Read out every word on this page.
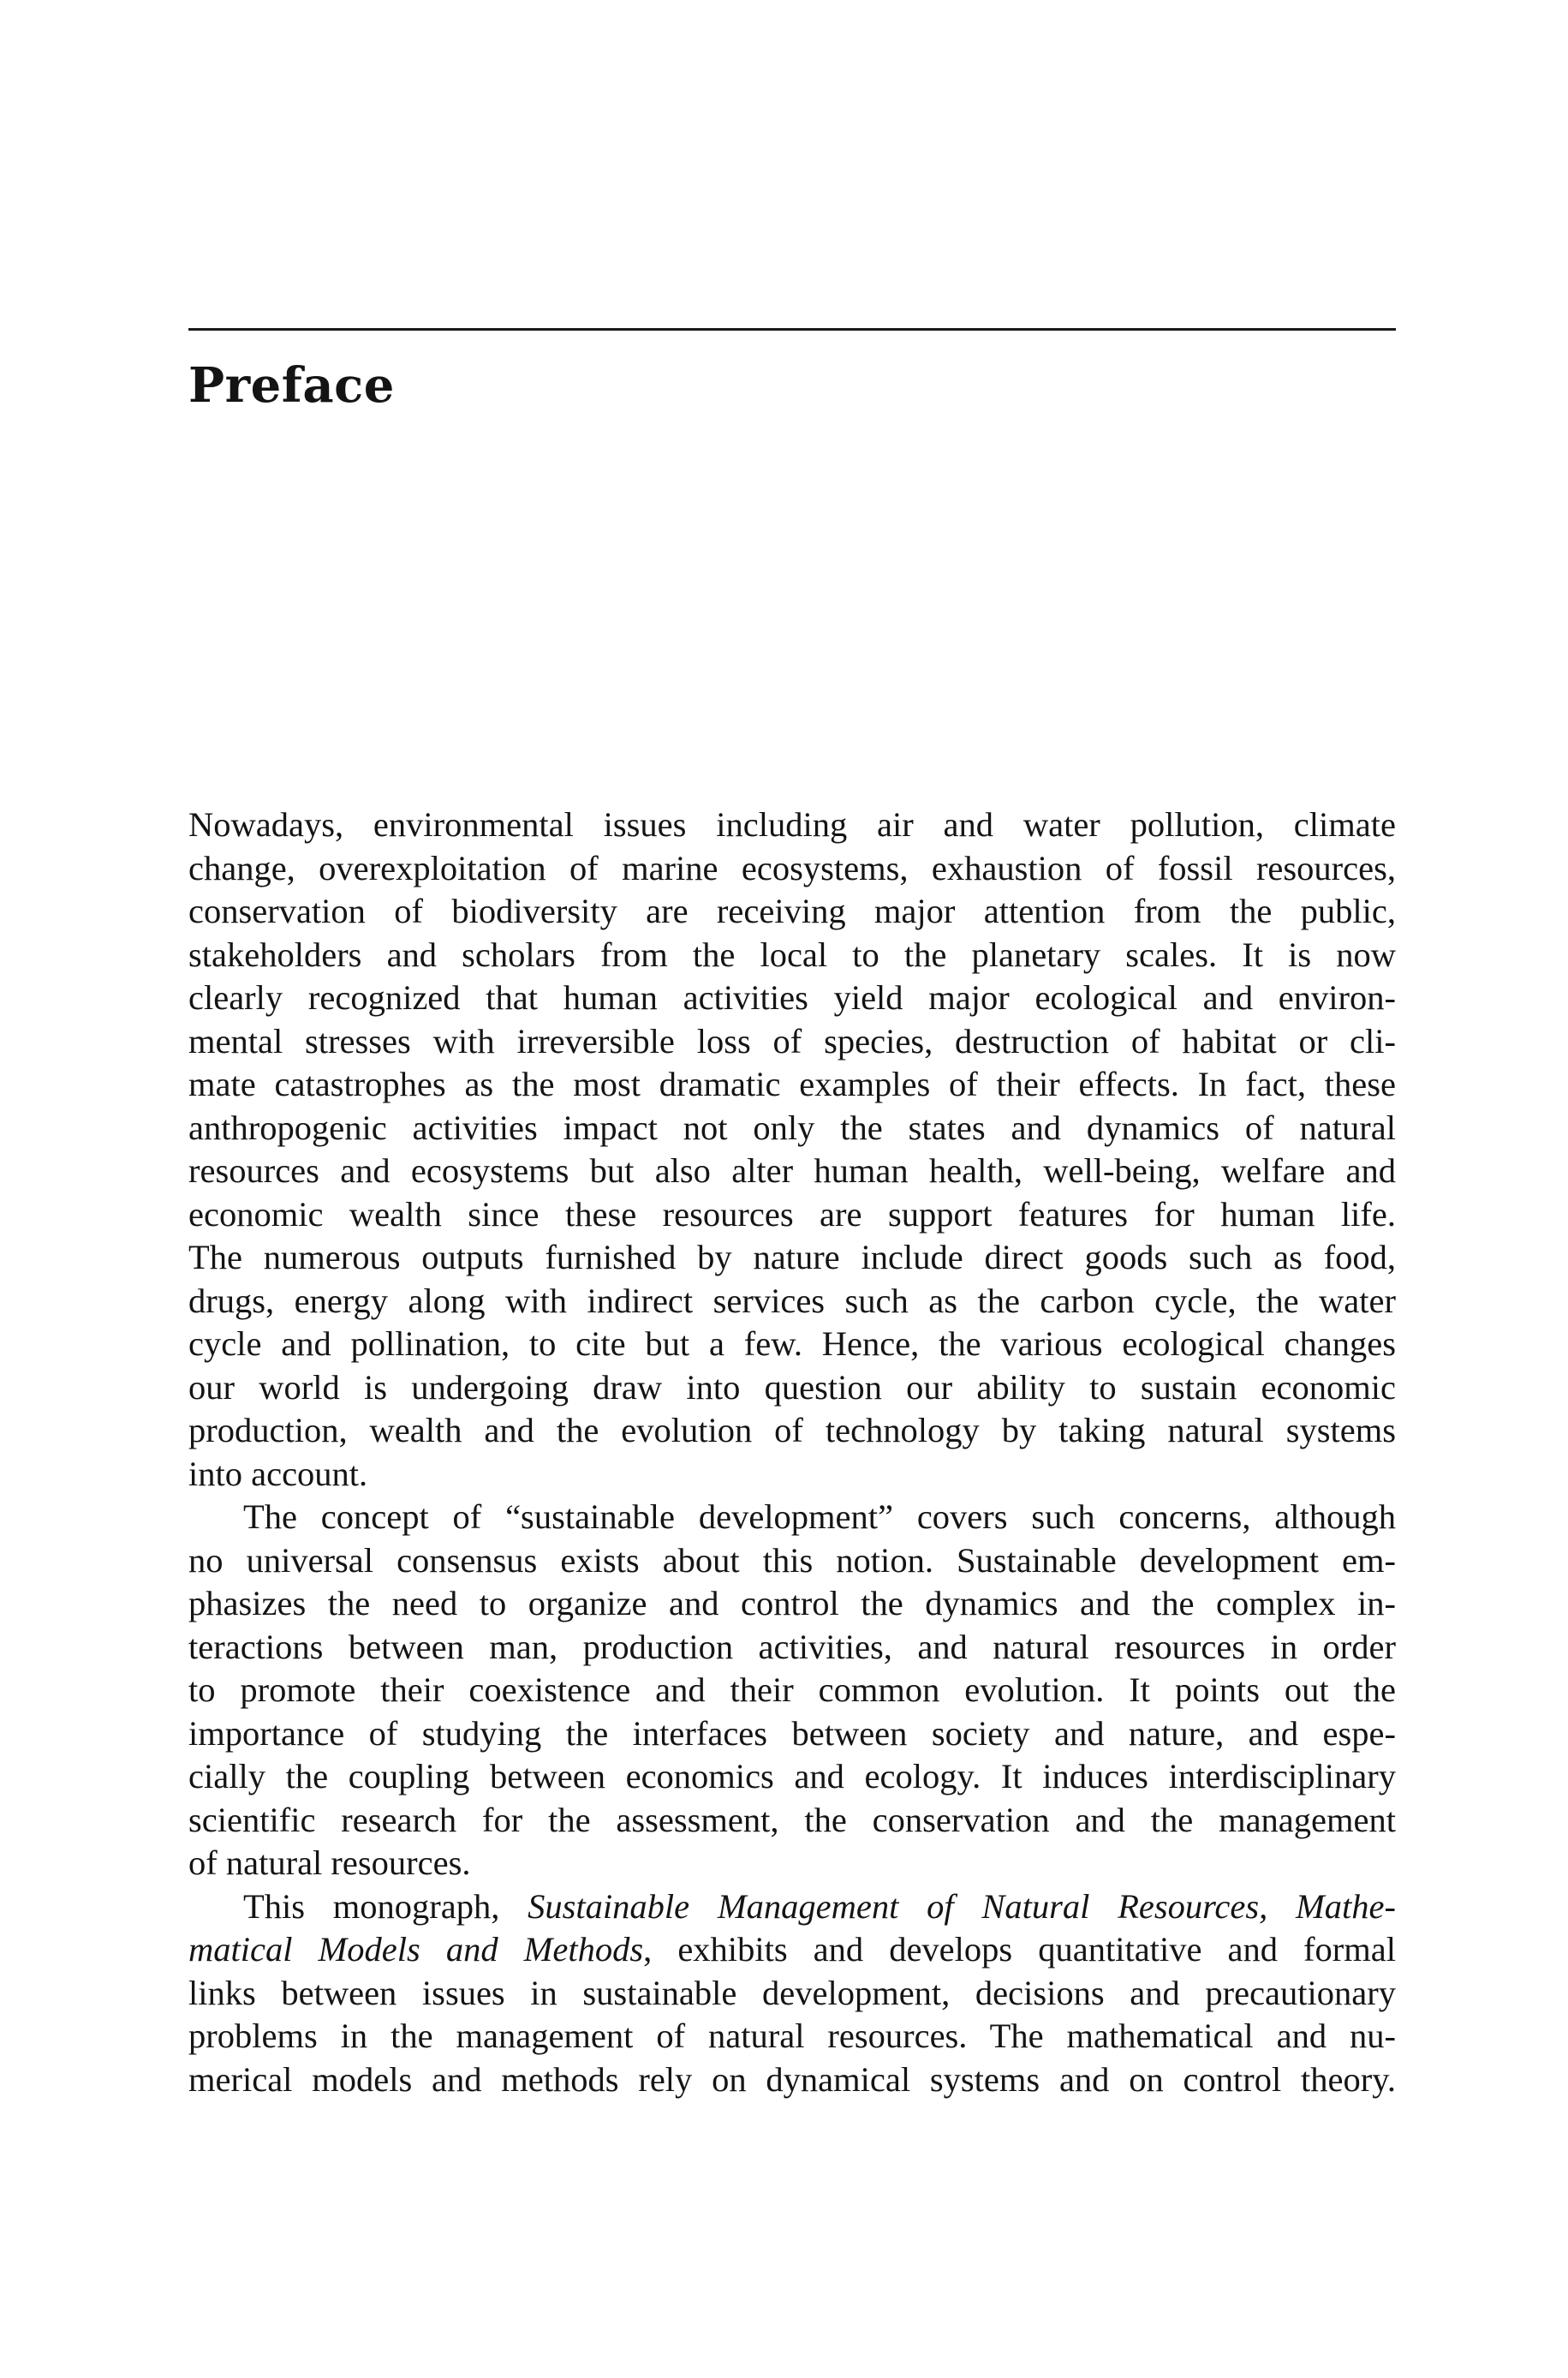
Preface
Nowadays, environmental issues including air and water pollution, climate
change, overexploitation of marine ecosystems, exhaustion of fossil resources,
conservation of biodiversity are receiving major attention from the public,
stakeholders and scholars from the local to the planetary scales. It is now
clearly recognized that human activities yield major ecological and environ-
mental stresses with irreversible loss of species, destruction of habitat or cli-
mate catastrophes as the most dramatic examples of their effects. In fact, these
anthropogenic activities impact not only the states and dynamics of natural
resources and ecosystems but also alter human health, well-being, welfare and
economic wealth since these resources are support features for human life.
The numerous outputs furnished by nature include direct goods such as food,
drugs, energy along with indirect services such as the carbon cycle, the water
cycle and pollination, to cite but a few. Hence, the various ecological changes
our world is undergoing draw into question our ability to sustain economic
production, wealth and the evolution of technology by taking natural systems
into account.
The concept of “sustainable development” covers such concerns, although
no universal consensus exists about this notion. Sustainable development em-
phasizes the need to organize and control the dynamics and the complex in-
teractions between man, production activities, and natural resources in order
to promote their coexistence and their common evolution. It points out the
importance of studying the interfaces between society and nature, and espe-
cially the coupling between economics and ecology. It induces interdisciplinary
scientific research for the assessment, the conservation and the management
of natural resources.
This monograph, Sustainable Management of Natural Resources, Mathe-
matical Models and Methods, exhibits and develops quantitative and formal
links between issues in sustainable development, decisions and precautionary
problems in the management of natural resources. The mathematical and nu-
merical models and methods rely on dynamical systems and on control theory.
